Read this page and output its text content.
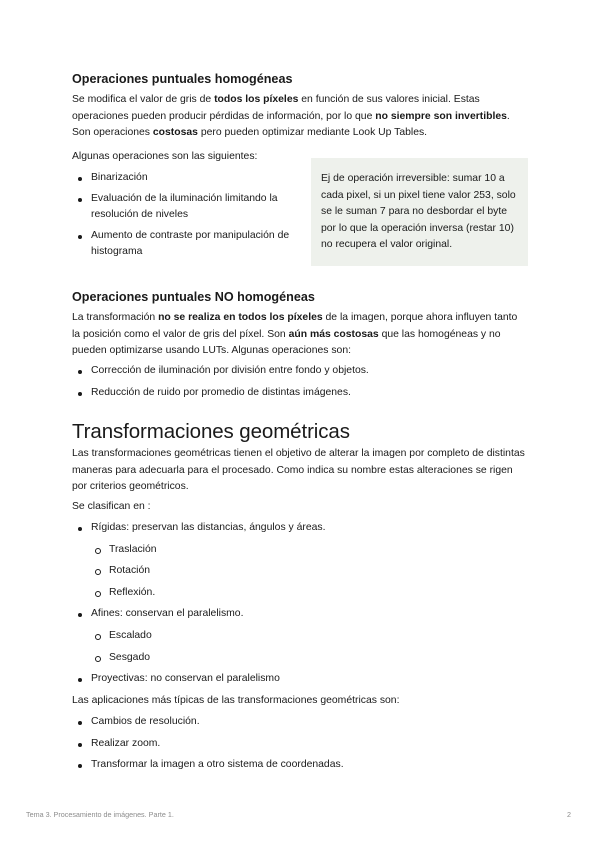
Operaciones puntuales homogéneas

Se modifica el valor de gris de todos los píxeles en función de sus valores inicial. Estas operaciones pueden producir pérdidas de información, por lo que no siempre son invertibles. Son operaciones costosas pero pueden optimizar mediante Look Up Tables.

Algunas operaciones son las siguientes:

Binarización
Evaluación de la iluminación limitando la resolución de niveles
Aumento de contraste por manipulación de histograma
Ej de operación irreversible: sumar 10 a cada pixel, si un pixel tiene valor 253, solo se le suman 7 para no desbordar el byte por lo que la operación inversa (restar 10) no recupera el valor original.
Operaciones puntuales NO homogéneas

La transformación no se realiza en todos los píxeles de la imagen, porque ahora influyen tanto la posición como el valor de gris del píxel. Son aún más costosas que las homogéneas y no pueden optimizarse usando LUTs. Algunas operaciones son:

Corrección de iluminación por división entre fondo y objetos.
Reducción de ruido por promedio de distintas imágenes.
Transformaciones geométricas

Las transformaciones geométricas tienen el objetivo de alterar la imagen por completo de distintas maneras para adecuarla para el procesado. Como indica su nombre estas alteraciones se rigen por criterios geométricos.

Se clasifican en :

Rígidas: preservan las distancias, ángulos y áreas.
Traslación
Rotación
Reflexión.
Afines: conservan el paralelismo.
Escalado
Sesgado
Proyectivas: no conservan el paralelismo

Las aplicaciones más típicas de las transformaciones geométricas son:

Cambios de resolución.
Realizar zoom.
Transformar la imagen a otro sistema de coordenadas.
Tema 3. Procesamiento de imágenes. Parte 1.	2
